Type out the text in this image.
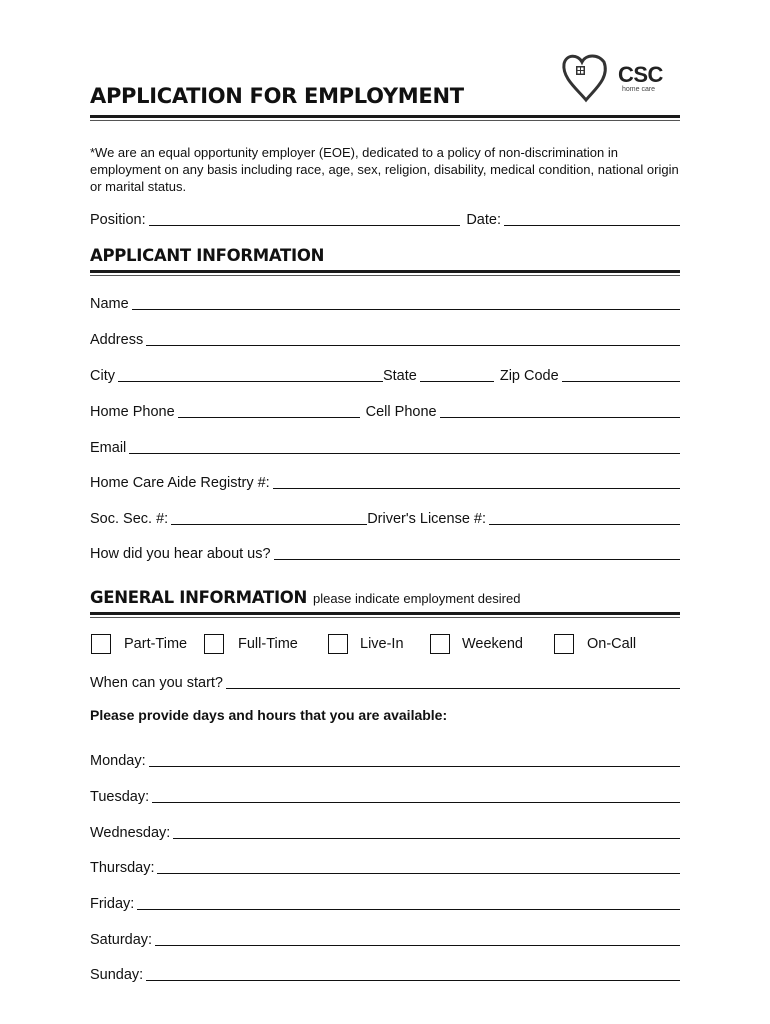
CSC
home care
APPLICATION FOR EMPLOYMENT
*We are an equal opportunity employer (EOE), dedicated to a policy of non-discrimination in employment on any basis including race, age, sex, religion, disability, medical condition, national origin or marital status.
Position:	Date:
APPLICANT INFORMATION
Name
Address
City	State	Zip Code
Home Phone	Cell Phone
Email
Home Care Aide Registry #:
Soc. Sec. #:	Driver's License #:
How did you hear about us?
GENERAL INFORMATION please indicate employment desired
Part-Time	Full-Time	Live-In	Weekend	On-Call
When can you start?
Please provide days and hours that you are available:
Monday:
Tuesday:
Wednesday:
Thursday:
Friday:
Saturday:
Sunday:
